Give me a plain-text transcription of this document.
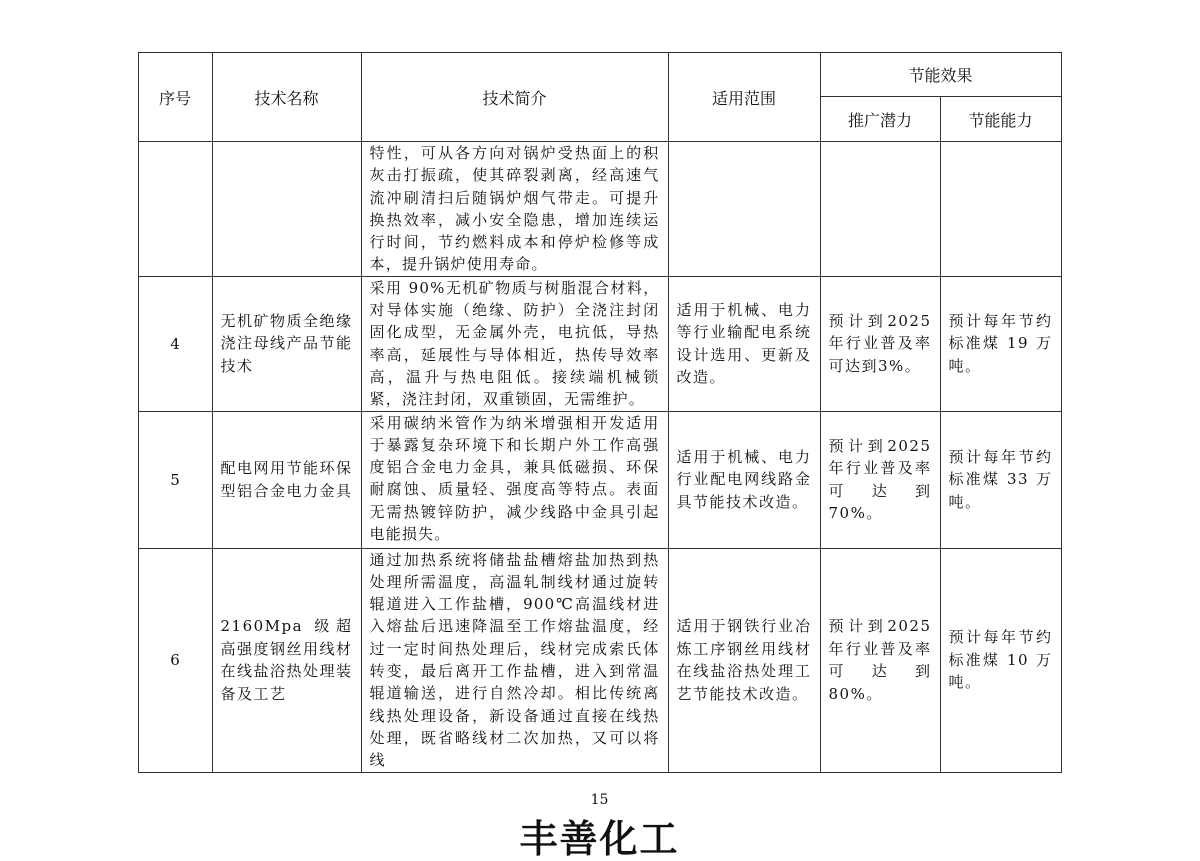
序号	技术名称	技术简介	适用范围	节能效果	
				推广潜力	节能能力
		特性，可从各方向对锅炉受热面上的积灰击打振疏，使其碎裂剥离，经高速气流冲刷清扫后随锅炉烟气带走。可提升换热效率，减小安全隐患，增加连续运行时间，节约燃料成本和停炉检修等成本，提升锅炉使用寿命。			
4	无机矿物质全绝缘浇注母线产品节能技术	采用 90%无机矿物质与树脂混合材料，对导体实施（绝缘、防护）全浇注封闭固化成型，无金属外壳，电抗低，导热率高，延展性与导体相近，热传导效率高，温升与热电阻低。接续端机械锁紧，浇注封闭，双重锁固，无需维护。	适用于机械、电力等行业输配电系统设计选用、更新及改造。	预计到2025年行业普及率可达到3%。	预计每年节约标准煤 19 万吨。
5	配电网用节能环保型铝合金电力金具	采用碳纳米管作为纳米增强相开发适用于暴露复杂环境下和长期户外工作高强度铝合金电力金具，兼具低磁损、环保耐腐蚀、质量轻、强度高等特点。表面无需热镀锌防护，减少线路中金具引起电能损失。	适用于机械、电力行业配电网线路金具节能技术改造。	预计到2025年行业普及率可达到70%。	预计每年节约标准煤 33 万吨。
6	2160Mpa 级超高强度钢丝用线材在线盐浴热处理装备及工艺	通过加热系统将储盐盐槽熔盐加热到热处理所需温度，高温轧制线材通过旋转辊道进入工作盐槽，900℃高温线材进入熔盐后迅速降温至工作熔盐温度，经过一定时间热处理后，线材完成索氏体转变，最后离开工作盐槽，进入到常温辊道输送，进行自然冷却。相比传统离线热处理设备，新设备通过直接在线热处理，既省略线材二次加热，又可以将线	适用于钢铁行业冶炼工序钢丝用线材在线盐浴热处理工艺节能技术改造。	预计到2025年行业普及率可达到80%。	预计每年节约标准煤 10 万吨。
15
丰善化工
